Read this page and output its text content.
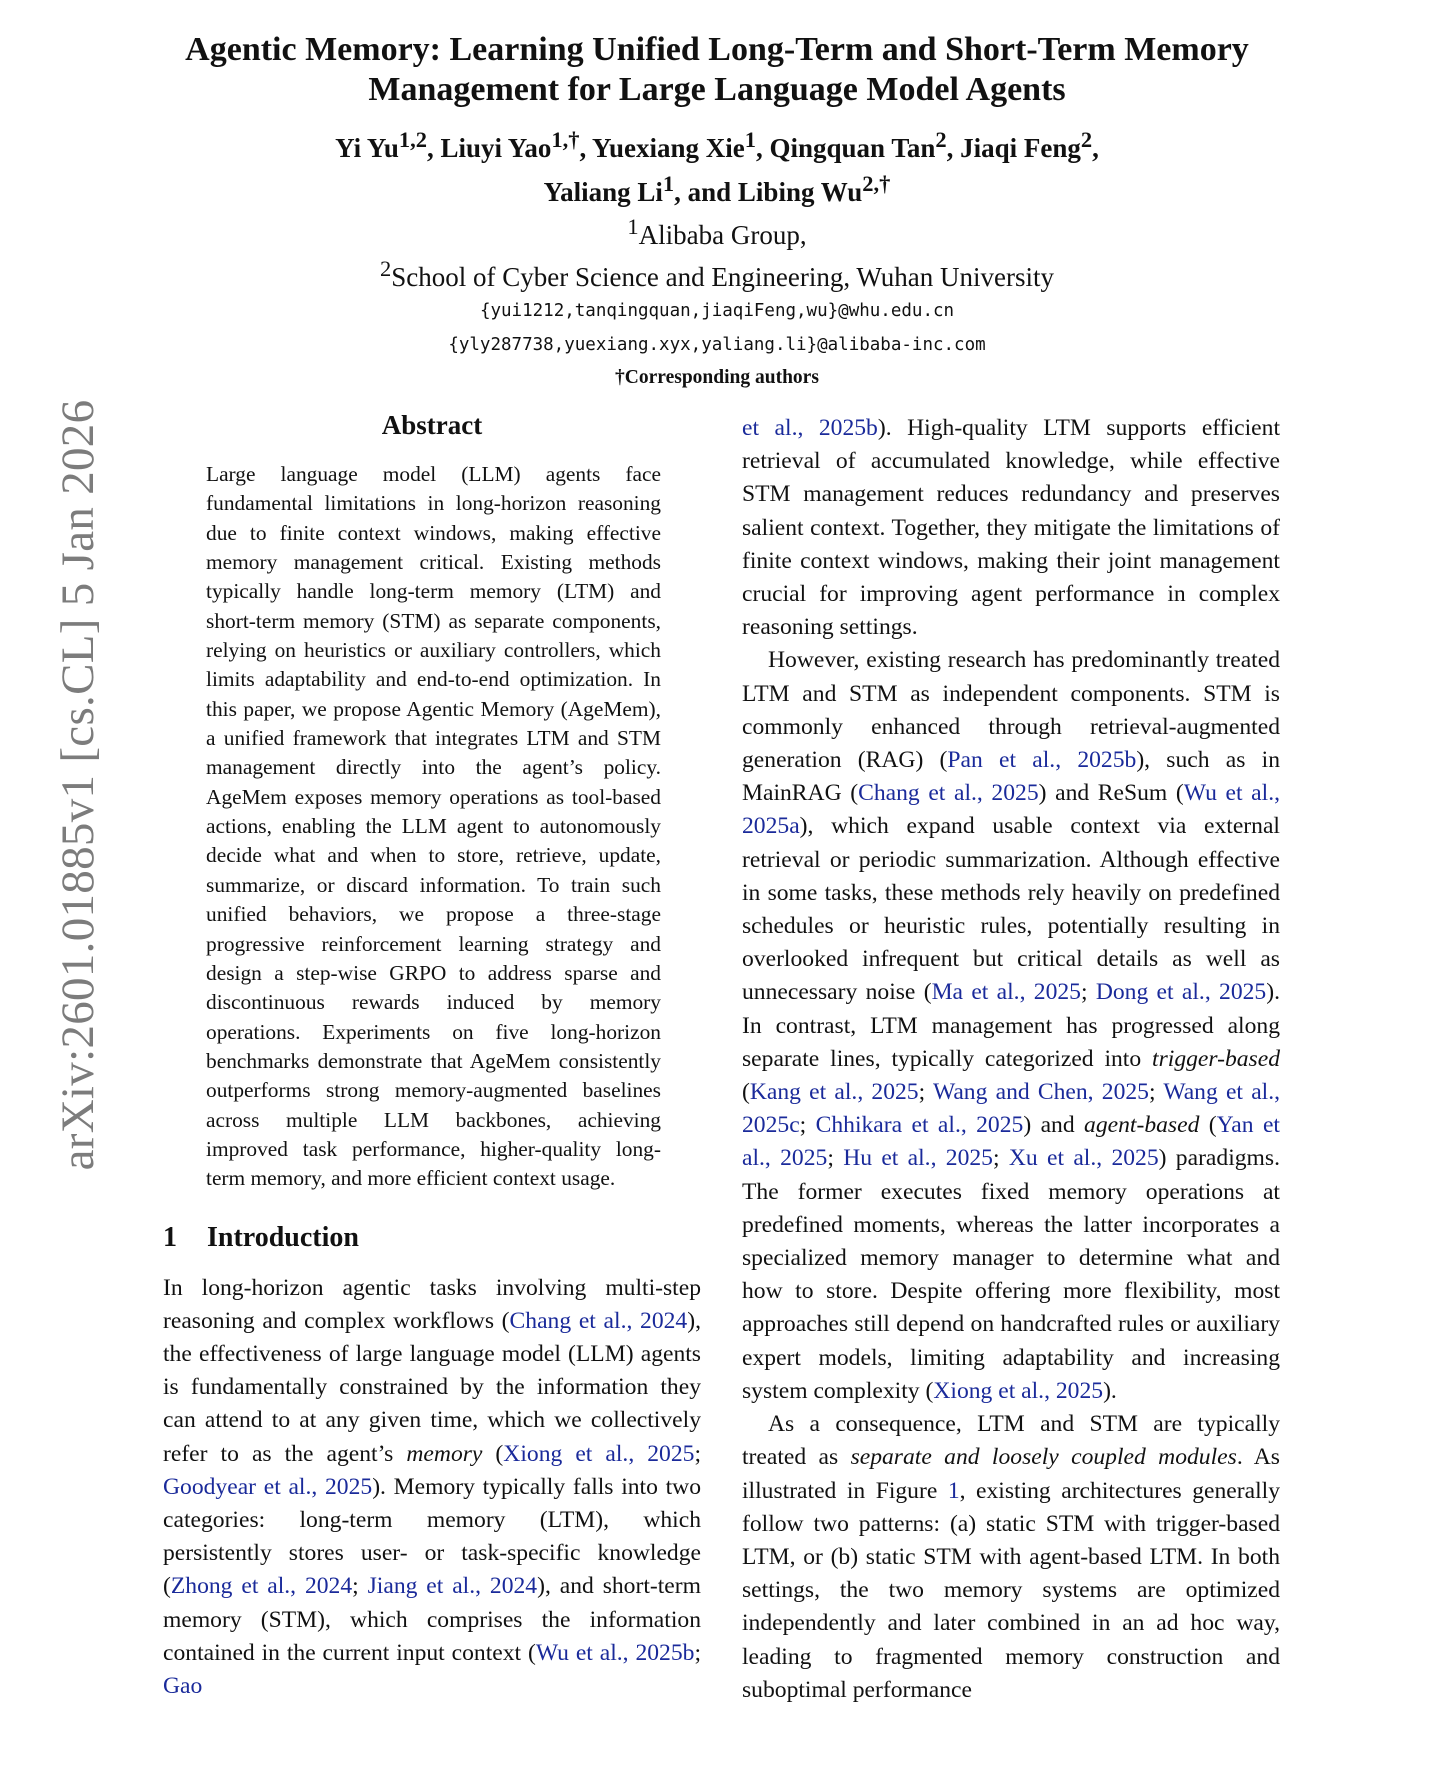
arXiv:2601.01885v1 [cs.CL] 5 Jan 2026
Agentic Memory: Learning Unified Long-Term and Short-Term Memory
Management for Large Language Model Agents
Yi Yu$^{1,2}$, Liuyi Yao$^{1,\dagger}$, Yuexiang Xie$^1$, Qingquan Tan$^2$, Jiaqi Feng$^2$,
Yaliang Li$^1$, and Libing $Wu^{2,\dagger}$
$^1$Alibaba Group,
$^2$School of Cyber Science and Engineering, Wuhan University
{yui1212,tanqingquan,jiaqiFeng,wu}@whu.edu.cn
{yly287738,yuexiang.xyx,yaliang.li}@alibaba-inc.com
†Corresponding authors
Abstract
Large language model (LLM) agents face fundamental limitations in long-horizon reasoning due to finite context windows, making effective memory management critical. Existing methods typically handle long-term memory (LTM) and short-term memory (STM) as separate components, relying on heuristics or auxiliary controllers, which limits adaptability and end-to-end optimization. In this paper, we propose Agentic Memory (AgeMem), a unified framework that integrates LTM and STM management directly into the agent’s policy. AgeMem exposes memory operations as tool-based actions, enabling the LLM agent to autonomously decide what and when to store, retrieve, update, summarize, or discard information. To train such unified behaviors, we propose a three-stage progressive reinforcement learning strategy and design a step-wise GRPO to address sparse and discontinuous rewards induced by memory operations. Experiments on five long-horizon benchmarks demonstrate that AgeMem consistently outperforms strong memory-augmented baselines across multiple LLM backbones, achieving improved task performance, higher-quality long-term memory, and more efficient context usage.
1 Introduction

In long-horizon agentic tasks involving multi-step reasoning and complex workflows (Chang et al., 2024), the effectiveness of large language model (LLM) agents is fundamentally constrained by the information they can attend to at any given time, which we collectively refer to as the agent’s memory (Xiong et al., 2025; Goodyear et al., 2025). Memory typically falls into two categories: long-term memory (LTM), which persistently stores user- or task-specific knowledge (Zhong et al., 2024; Jiang et al., 2024), and short-term memory (STM), which comprises the information contained in the current input context (Wu et al., 2025b; Gao

et al., 2025b). High-quality LTM supports efficient retrieval of accumulated knowledge, while effective STM management reduces redundancy and preserves salient context. Together, they mitigate the limitations of finite context windows, making their joint management crucial for improving agent performance in complex reasoning settings.

However, existing research has predominantly treated LTM and STM as independent components. STM is commonly enhanced through retrieval-augmented generation (RAG) (Pan et al., 2025b), such as in MainRAG (Chang et al., 2025) and ReSum (Wu et al., 2025a), which expand usable context via external retrieval or periodic summarization. Although effective in some tasks, these methods rely heavily on predefined schedules or heuristic rules, potentially resulting in overlooked infrequent but critical details as well as unnecessary noise (Ma et al., 2025; Dong et al., 2025). In contrast, LTM management has progressed along separate lines, typically categorized into trigger-based (Kang et al., 2025; Wang and Chen, 2025; Wang et al., 2025c; Chhikara et al., 2025) and agent-based (Yan et al., 2025; Hu et al., 2025; Xu et al., 2025) paradigms. The former executes fixed memory operations at predefined moments, whereas the latter incorporates a specialized memory manager to determine what and how to store. Despite offering more flexibility, most approaches still depend on handcrafted rules or auxiliary expert models, limiting adaptability and increasing system complexity (Xiong et al., 2025).

As a consequence, LTM and STM are typically treated as separate and loosely coupled modules. As illustrated in Figure 1, existing architectures generally follow two patterns: (a) static STM with trigger-based LTM, or (b) static STM with agent-based LTM. In both settings, the two memory systems are optimized independently and later combined in an ad hoc way, leading to fragmented memory construction and suboptimal performance
